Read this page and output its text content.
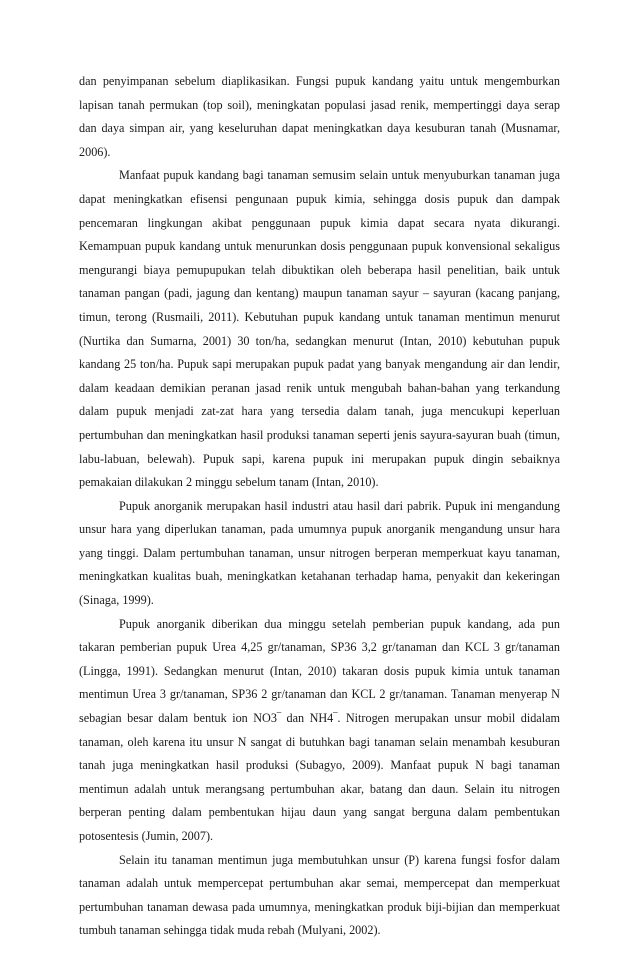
dan penyimpanan sebelum diaplikasikan. Fungsi pupuk kandang yaitu untuk mengemburkan lapisan tanah permukan (top soil), meningkatan populasi jasad renik, mempertinggi daya serap dan daya simpan air, yang keseluruhan dapat meningkatkan daya kesuburan tanah (Musnamar, 2006).

Manfaat pupuk kandang bagi tanaman semusim selain untuk menyuburkan tanaman juga dapat meningkatkan efisensi pengunaan pupuk kimia, sehingga dosis pupuk dan dampak pencemaran lingkungan akibat penggunaan pupuk kimia dapat secara nyata dikurangi. Kemampuan pupuk kandang untuk menurunkan dosis penggunaan pupuk konvensional sekaligus mengurangi biaya pemupupukan telah dibuktikan oleh beberapa hasil penelitian, baik untuk tanaman pangan (padi, jagung dan kentang) maupun tanaman sayur – sayuran (kacang panjang, timun, terong (Rusmaili, 2011). Kebutuhan pupuk kandang untuk tanaman mentimun menurut (Nurtika dan Sumarna, 2001) 30 ton/ha, sedangkan menurut (Intan, 2010) kebutuhan pupuk kandang 25 ton/ha. Pupuk sapi merupakan pupuk padat yang banyak mengandung air dan lendir, dalam keadaan demikian peranan jasad renik untuk mengubah bahan-bahan yang terkandung dalam pupuk menjadi zat-zat hara yang tersedia dalam tanah, juga mencukupi keperluan pertumbuhan dan meningkatkan hasil produksi tanaman seperti jenis sayura-sayuran buah (timun, labu-labuan, belewah). Pupuk sapi, karena pupuk ini merupakan pupuk dingin sebaiknya pemakaian dilakukan 2 minggu sebelum tanam (Intan, 2010).

Pupuk anorganik merupakan hasil industri atau hasil dari pabrik. Pupuk ini mengandung unsur hara yang diperlukan tanaman, pada umumnya pupuk anorganik mengandung unsur hara yang tinggi. Dalam pertumbuhan tanaman, unsur nitrogen berperan memperkuat kayu tanaman, meningkatkan kualitas buah, meningkatkan ketahanan terhadap hama, penyakit dan kekeringan (Sinaga, 1999).

Pupuk anorganik diberikan dua minggu setelah pemberian pupuk kandang, ada pun takaran pemberian pupuk Urea 4,25 gr/tanaman, SP36 3,2 gr/tanaman dan KCL 3 gr/tanaman (Lingga, 1991). Sedangkan menurut (Intan, 2010) takaran dosis pupuk kimia untuk tanaman mentimun Urea 3 gr/tanaman, SP36 2 gr/tanaman dan KCL 2 gr/tanaman. Tanaman menyerap N sebagian besar dalam bentuk ion NO3‾ dan NH4‾. Nitrogen merupakan unsur mobil didalam tanaman, oleh karena itu unsur N sangat di butuhkan bagi tanaman selain menambah kesuburan tanah juga meningkatkan hasil produksi (Subagyo, 2009). Manfaat pupuk N bagi tanaman mentimun adalah untuk merangsang pertumbuhan akar, batang dan daun. Selain itu nitrogen berperan penting dalam pembentukan hijau daun yang sangat berguna dalam pembentukan potosentesis (Jumin, 2007).

Selain itu tanaman mentimun juga membutuhkan unsur (P) karena fungsi fosfor dalam tanaman adalah untuk mempercepat pertumbuhan akar semai, mempercepat dan memperkuat pertumbuhan tanaman dewasa pada umumnya, meningkatkan produk biji-bijian dan memperkuat tumbuh tanaman sehingga tidak muda rebah (Mulyani, 2002).
